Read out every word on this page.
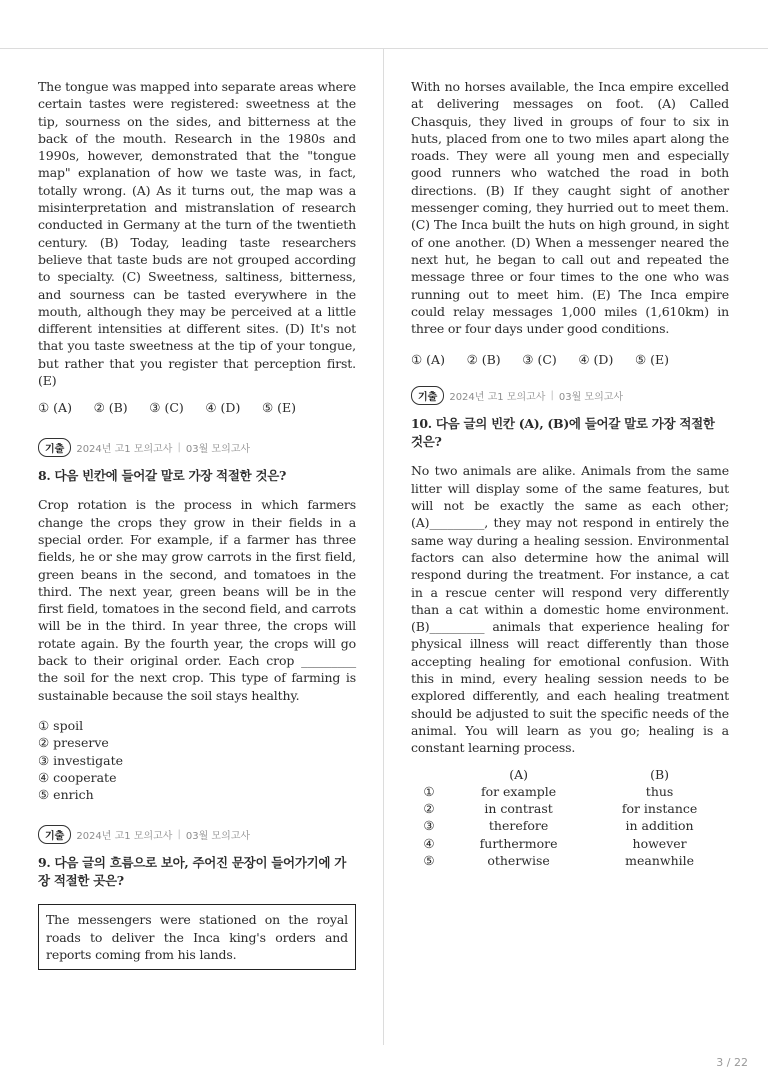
The tongue was mapped into separate areas where certain tastes were registered: sweetness at the tip, sourness on the sides, and bitterness at the back of the mouth. Research in the 1980s and 1990s, however, demonstrated that the "tongue map" explanation of how we taste was, in fact, totally wrong. (A) As it turns out, the map was a misinterpretation and mistranslation of research conducted in Germany at the turn of the twentieth century. (B) Today, leading taste researchers believe that taste buds are not grouped according to specialty. (C) Sweetness, saltiness, bitterness, and sourness can be tasted everywhere in the mouth, although they may be perceived at a little different intensities at different sites. (D) It's not that you taste sweetness at the tip of your tongue, but rather that you register that perception first. (E)

① (A) ② (B) ③ (C) ④ (D) ⑤ (E)
기출	2024년 고1 모의고사 | 03월 모의고사

8. 다음 빈칸에 들어갈 말로 가장 적절한 것은?

Crop rotation is the process in which farmers change the crops they grow in their fields in a special order. For example, if a farmer has three fields, he or she may grow carrots in the first field, green beans in the second, and tomatoes in the third. The next year, green beans will be in the first field, tomatoes in the second field, and carrots will be in the third. In year three, the crops will rotate again. By the fourth year, the crops will go back to their original order. Each crop _________ the soil for the next crop. This type of farming is sustainable because the soil stays healthy.

① spoil
② preserve
③ investigate
④ cooperate
⑤ enrich
기출	2024년 고1 모의고사 | 03월 모의고사

9. 다음 글의 흐름으로 보아, 주어진 문장이 들어가기에 가장 적절한 곳은?

The messengers were stationed on the royal roads to deliver the Inca king's orders and reports coming from his lands.

With no horses available, the Inca empire excelled at delivering messages on foot. (A) Called Chasquis, they lived in groups of four to six in huts, placed from one to two miles apart along the roads. They were all young men and especially good runners who watched the road in both directions. (B) If they caught sight of another messenger coming, they hurried out to meet them. (C) The Inca built the huts on high ground, in sight of one another. (D) When a messenger neared the next hut, he began to call out and repeated the message three or four times to the one who was running out to meet him. (E) The Inca empire could relay messages 1,000 miles (1,610km) in three or four days under good conditions.

① (A) ② (B) ③ (C) ④ (D) ⑤ (E)
기출	2024년 고1 모의고사 | 03월 모의고사

10. 다음 글의 빈칸 (A), (B)에 들어갈 말로 가장 적절한 것은?

No two animals are alike. Animals from the same litter will display some of the same features, but will not be exactly the same as each other; (A)_________, they may not respond in entirely the same way during a healing session. Environmental factors can also determine how the animal will respond during the treatment. For instance, a cat in a rescue center will respond very differently than a cat within a domestic home environment. (B)_________ animals that experience healing for physical illness will react differently than those accepting healing for emotional confusion. With this in mind, every healing session needs to be explored differently, and each healing treatment should be adjusted to suit the specific needs of the animal. You will learn as you go; healing is a constant learning process.

	(A)	(B)
①	for example	thus
②	in contrast	for instance
③	therefore	in addition
④	furthermore	however
⑤	otherwise	meanwhile
3 / 22
